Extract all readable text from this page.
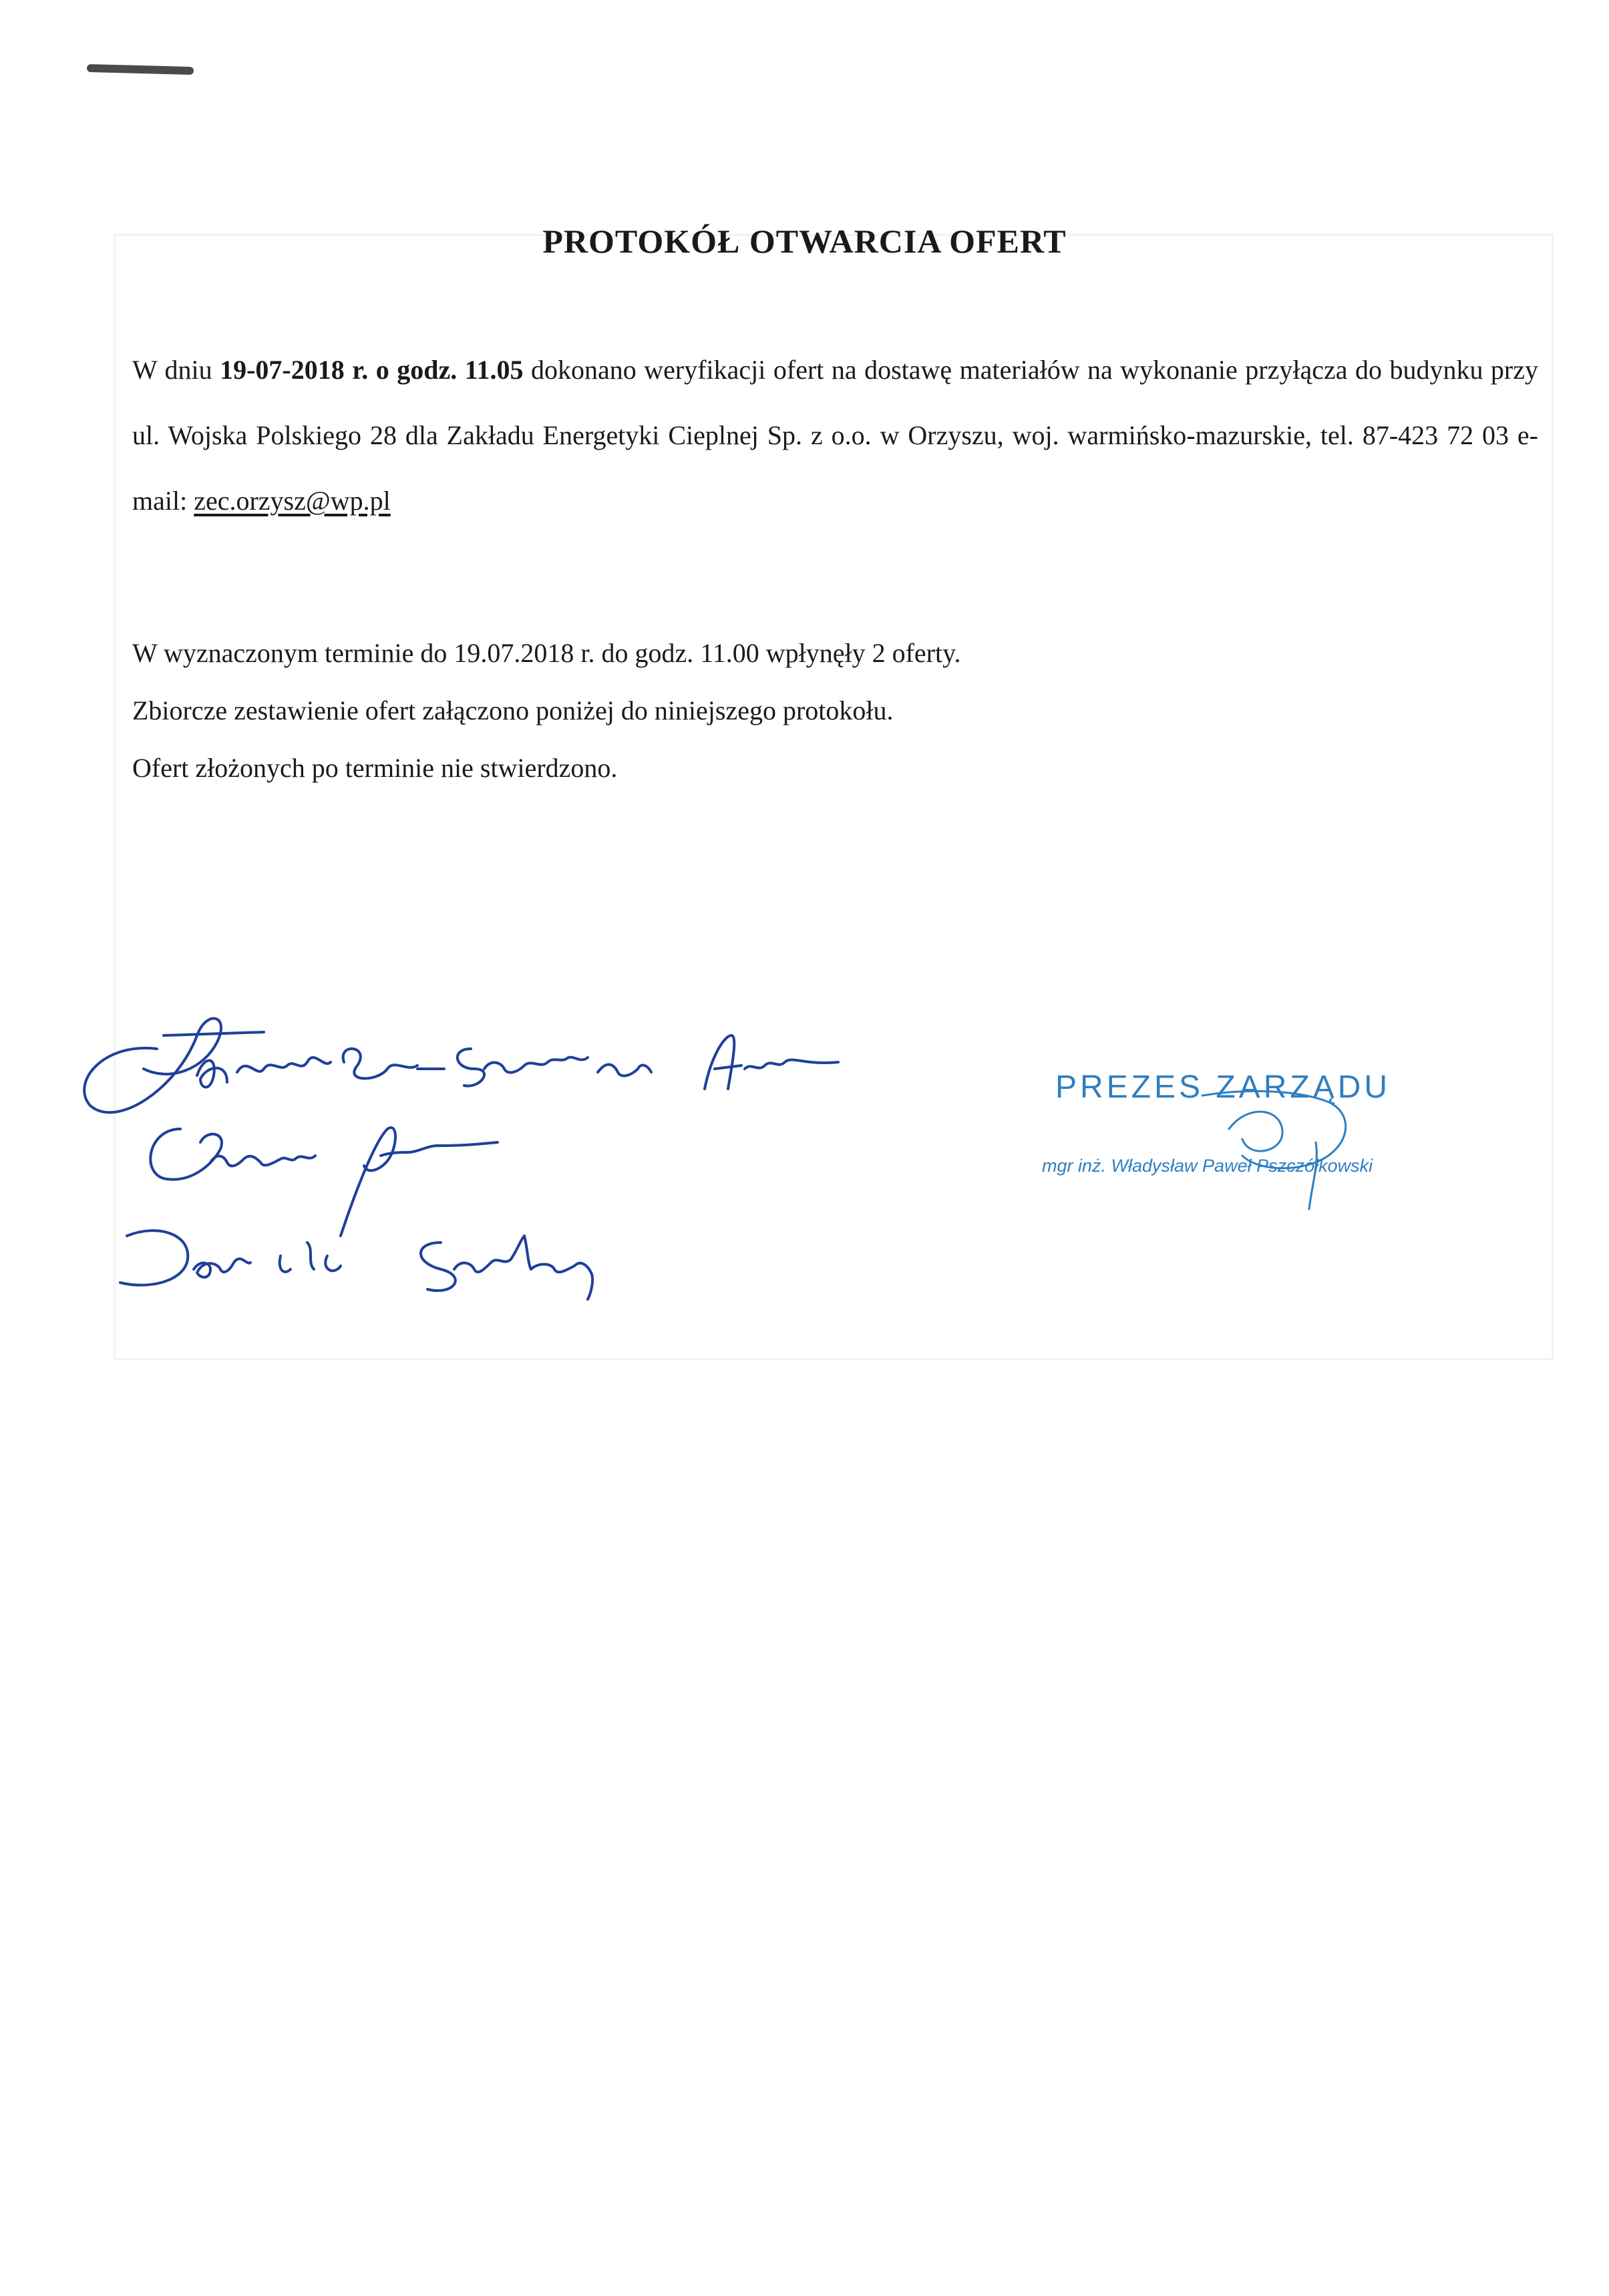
PROTOKÓŁ OTWARCIA OFERT
W dniu 19-07-2018 r. o godz. 11.05 dokonano weryfikacji ofert na dostawę materiałów na wykonanie przyłącza do budynku przy ul. Wojska Polskiego 28 dla Zakładu Energetyki Cieplnej Sp. z o.o. w Orzyszu, woj. warmińsko-mazurskie, tel. 87-423 72 03 e-mail: zec.orzysz@wp.pl

W wyznaczonym terminie do 19.07.2018 r. do godz. 11.00 wpłynęły 2 oferty.

Zbiorcze zestawienie ofert załączono poniżej do niniejszego protokołu.

Ofert złożonych po terminie nie stwierdzono.

PREZES ZARZĄDU
mgr inż. Władysław Paweł Pszczółkowski
